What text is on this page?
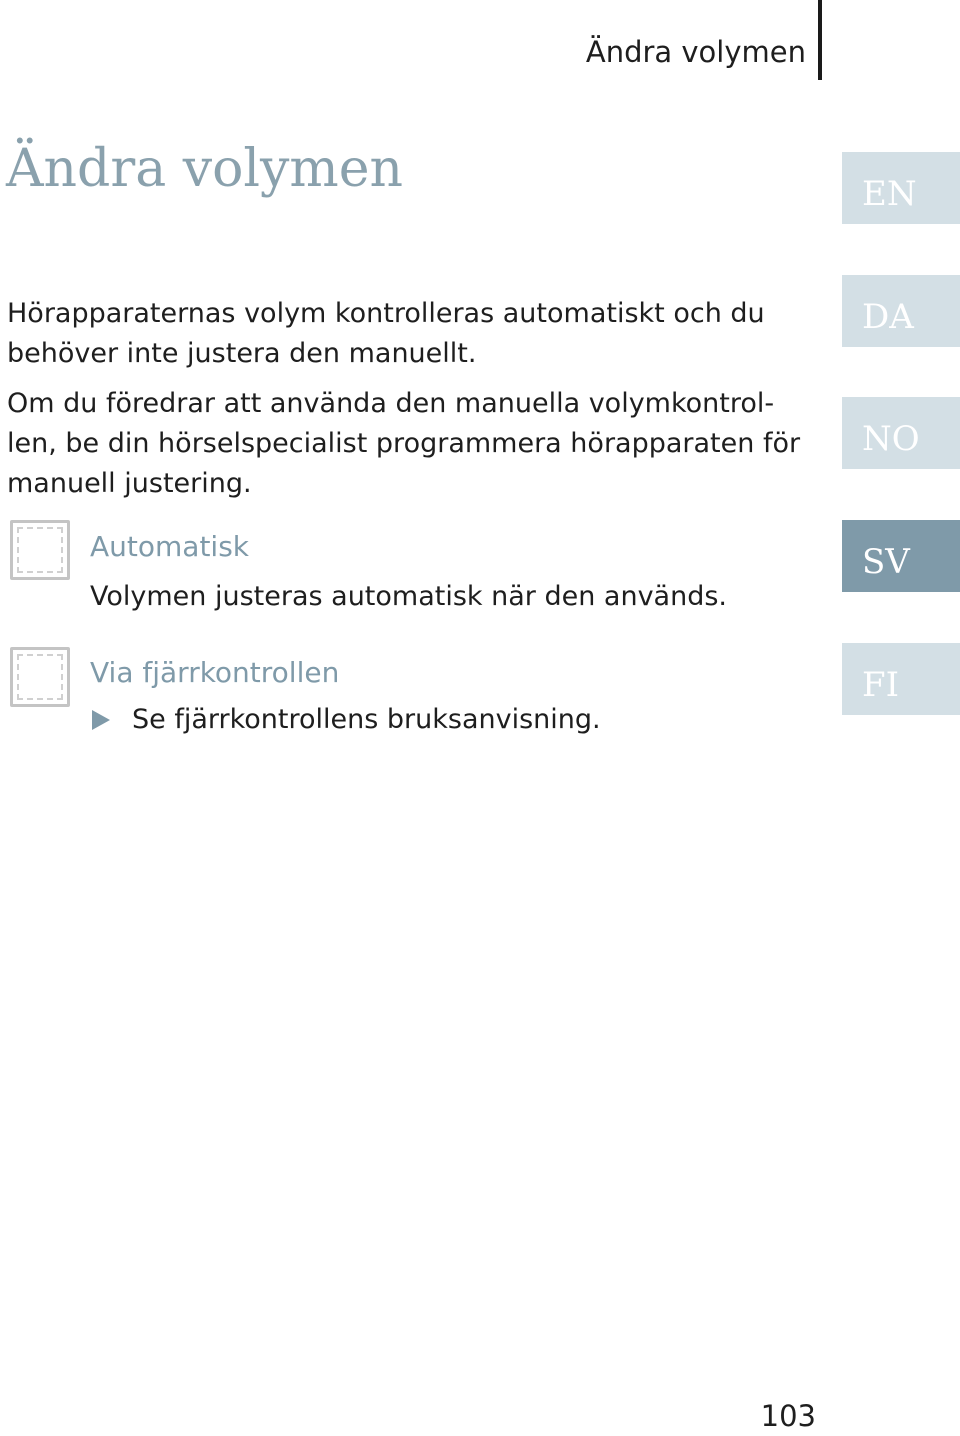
Ändra volymen
Ändra volymen

Hörapparaternas volym kontrolleras automatiskt och du behöver inte justera den manuellt.

Om du föredrar att använda den manuella volymkontrollen, be din hörselspecialist programmera hörapparaten för manuell justering.

Automatisk

Volymen justeras automatisk när den används.

Via fjärrkontrollen
Se fjärrkontrollens bruksanvisning.
EN
DA
NO
SV
FI
103
